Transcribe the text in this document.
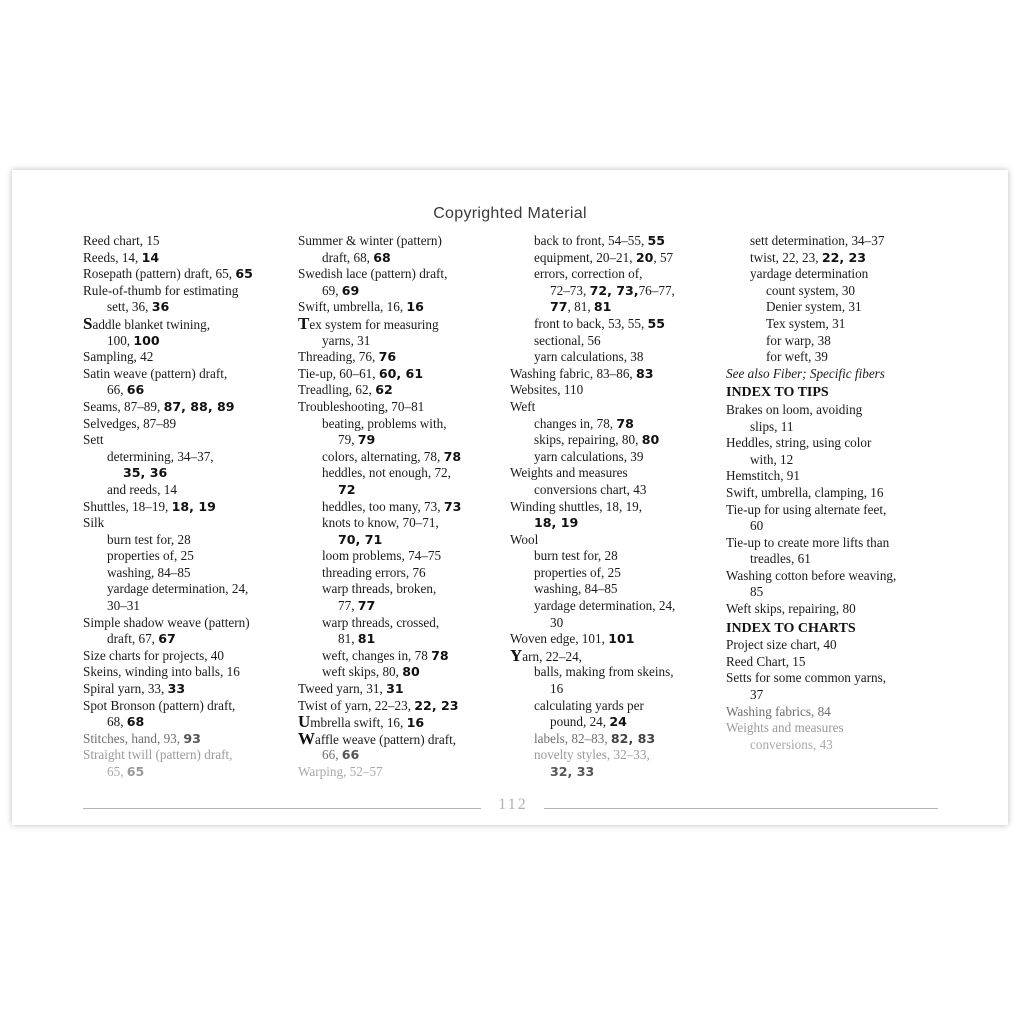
Copyrighted Material
Reed chart, 15
Reeds, 14, 14
Rosepath (pattern) draft, 65, 65
Rule-of-thumb for estimating
sett, 36, 36
Saddle blanket twining,
100, 100
Sampling, 42
Satin weave (pattern) draft,
66, 66
Seams, 87–89, 87, 88, 89
Selvedges, 87–89
Sett
determining, 34–37,
35, 36
and reeds, 14
Shuttles, 18–19, 18, 19
Silk
burn test for, 28
properties of, 25
washing, 84–85
yardage determination, 24,
30–31
Simple shadow weave (pattern)
draft, 67, 67
Size charts for projects, 40
Skeins, winding into balls, 16
Spiral yarn, 33, 33
Spot Bronson (pattern) draft,
68, 68
Stitches, hand, 93, 93
Straight twill (pattern) draft,
65, 65
Summer & winter (pattern)
draft, 68, 68
Swedish lace (pattern) draft,
69, 69
Swift, umbrella, 16, 16
Tex system for measuring
yarns, 31
Threading, 76, 76
Tie-up, 60–61, 60, 61
Treadling, 62, 62
Troubleshooting, 70–81
beating, problems with,
79, 79
colors, alternating, 78, 78
heddles, not enough, 72,
72
heddles, too many, 73, 73
knots to know, 70–71,
70, 71
loom problems, 74–75
threading errors, 76
warp threads, broken,
77, 77
warp threads, crossed,
81, 81
weft, changes in, 78 78
weft skips, 80, 80
Tweed yarn, 31, 31
Twist of yarn, 22–23, 22, 23
Umbrella swift, 16, 16
Waffle weave (pattern) draft,
66, 66
Warping, 52–57
back to front, 54–55, 55
equipment, 20–21, 20, 57
errors, correction of,
72–73, 72, 73,76–77,
77, 81, 81
front to back, 53, 55, 55
sectional, 56
yarn calculations, 38
Washing fabric, 83–86, 83
Websites, 110
Weft
changes in, 78, 78
skips, repairing, 80, 80
yarn calculations, 39
Weights and measures
conversions chart, 43
Winding shuttles, 18, 19,
18, 19
Wool
burn test for, 28
properties of, 25
washing, 84–85
yardage determination, 24,
30
Woven edge, 101, 101
Yarn, 22–24,
balls, making from skeins,
16
calculating yards per
pound, 24, 24
labels, 82–83, 82, 83
novelty styles, 32–33,
32, 33
sett determination, 34–37
twist, 22, 23, 22, 23
yardage determination
count system, 30
Denier system, 31
Tex system, 31
for warp, 38
for weft, 39
See also Fiber; Specific fibers
INDEX TO TIPS
Brakes on loom, avoiding
slips, 11
Heddles, string, using color
with, 12
Hemstitch, 91
Swift, umbrella, clamping, 16
Tie-up for using alternate feet,
60
Tie-up to create more lifts than
treadles, 61
Washing cotton before weaving,
85
Weft skips, repairing, 80
INDEX TO CHARTS
Project size chart, 40
Reed Chart, 15
Setts for some common yarns,
37
Washing fabrics, 84
Weights and measures
conversions, 43
112
